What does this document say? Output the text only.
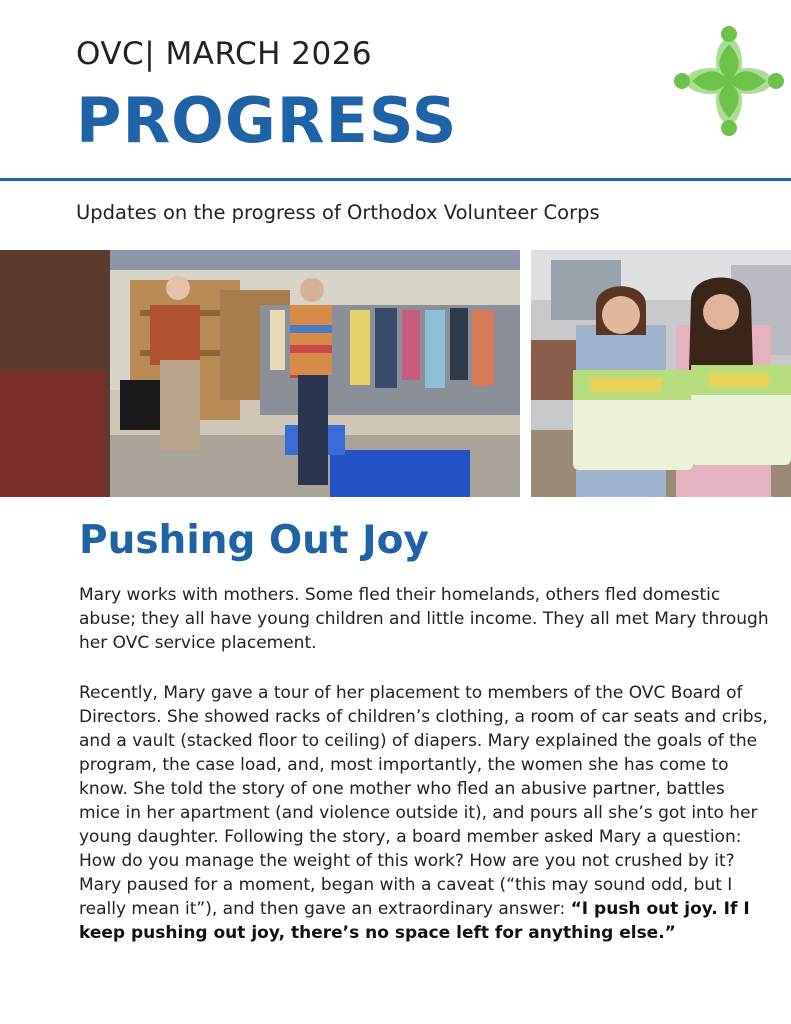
OVC| MARCH 2026
PROGRESS
Updates on the progress of Orthodox Volunteer Corps
Pushing Out Joy

Mary works with mothers. Some fled their homelands, others fled domestic abuse; they all have young children and little income. They all met Mary through her OVC service placement.

Recently, Mary gave a tour of her placement to members of the OVC Board of Directors. She showed racks of children’s clothing, a room of car seats and cribs, and a vault (stacked floor to ceiling) of diapers. Mary explained the goals of the program, the case load, and, most importantly, the women she has come to know. She told the story of one mother who fled an abusive partner, battles mice in her apartment (and violence outside it), and pours all she’s got into her young daughter. Following the story, a board member asked Mary a question: How do you manage the weight of this work? How are you not crushed by it? Mary paused for a moment, began with a caveat (“this may sound odd, but I really mean it”), and then gave an extraordinary answer: “I push out joy. If I keep pushing out joy, there’s no space left for anything else.”
